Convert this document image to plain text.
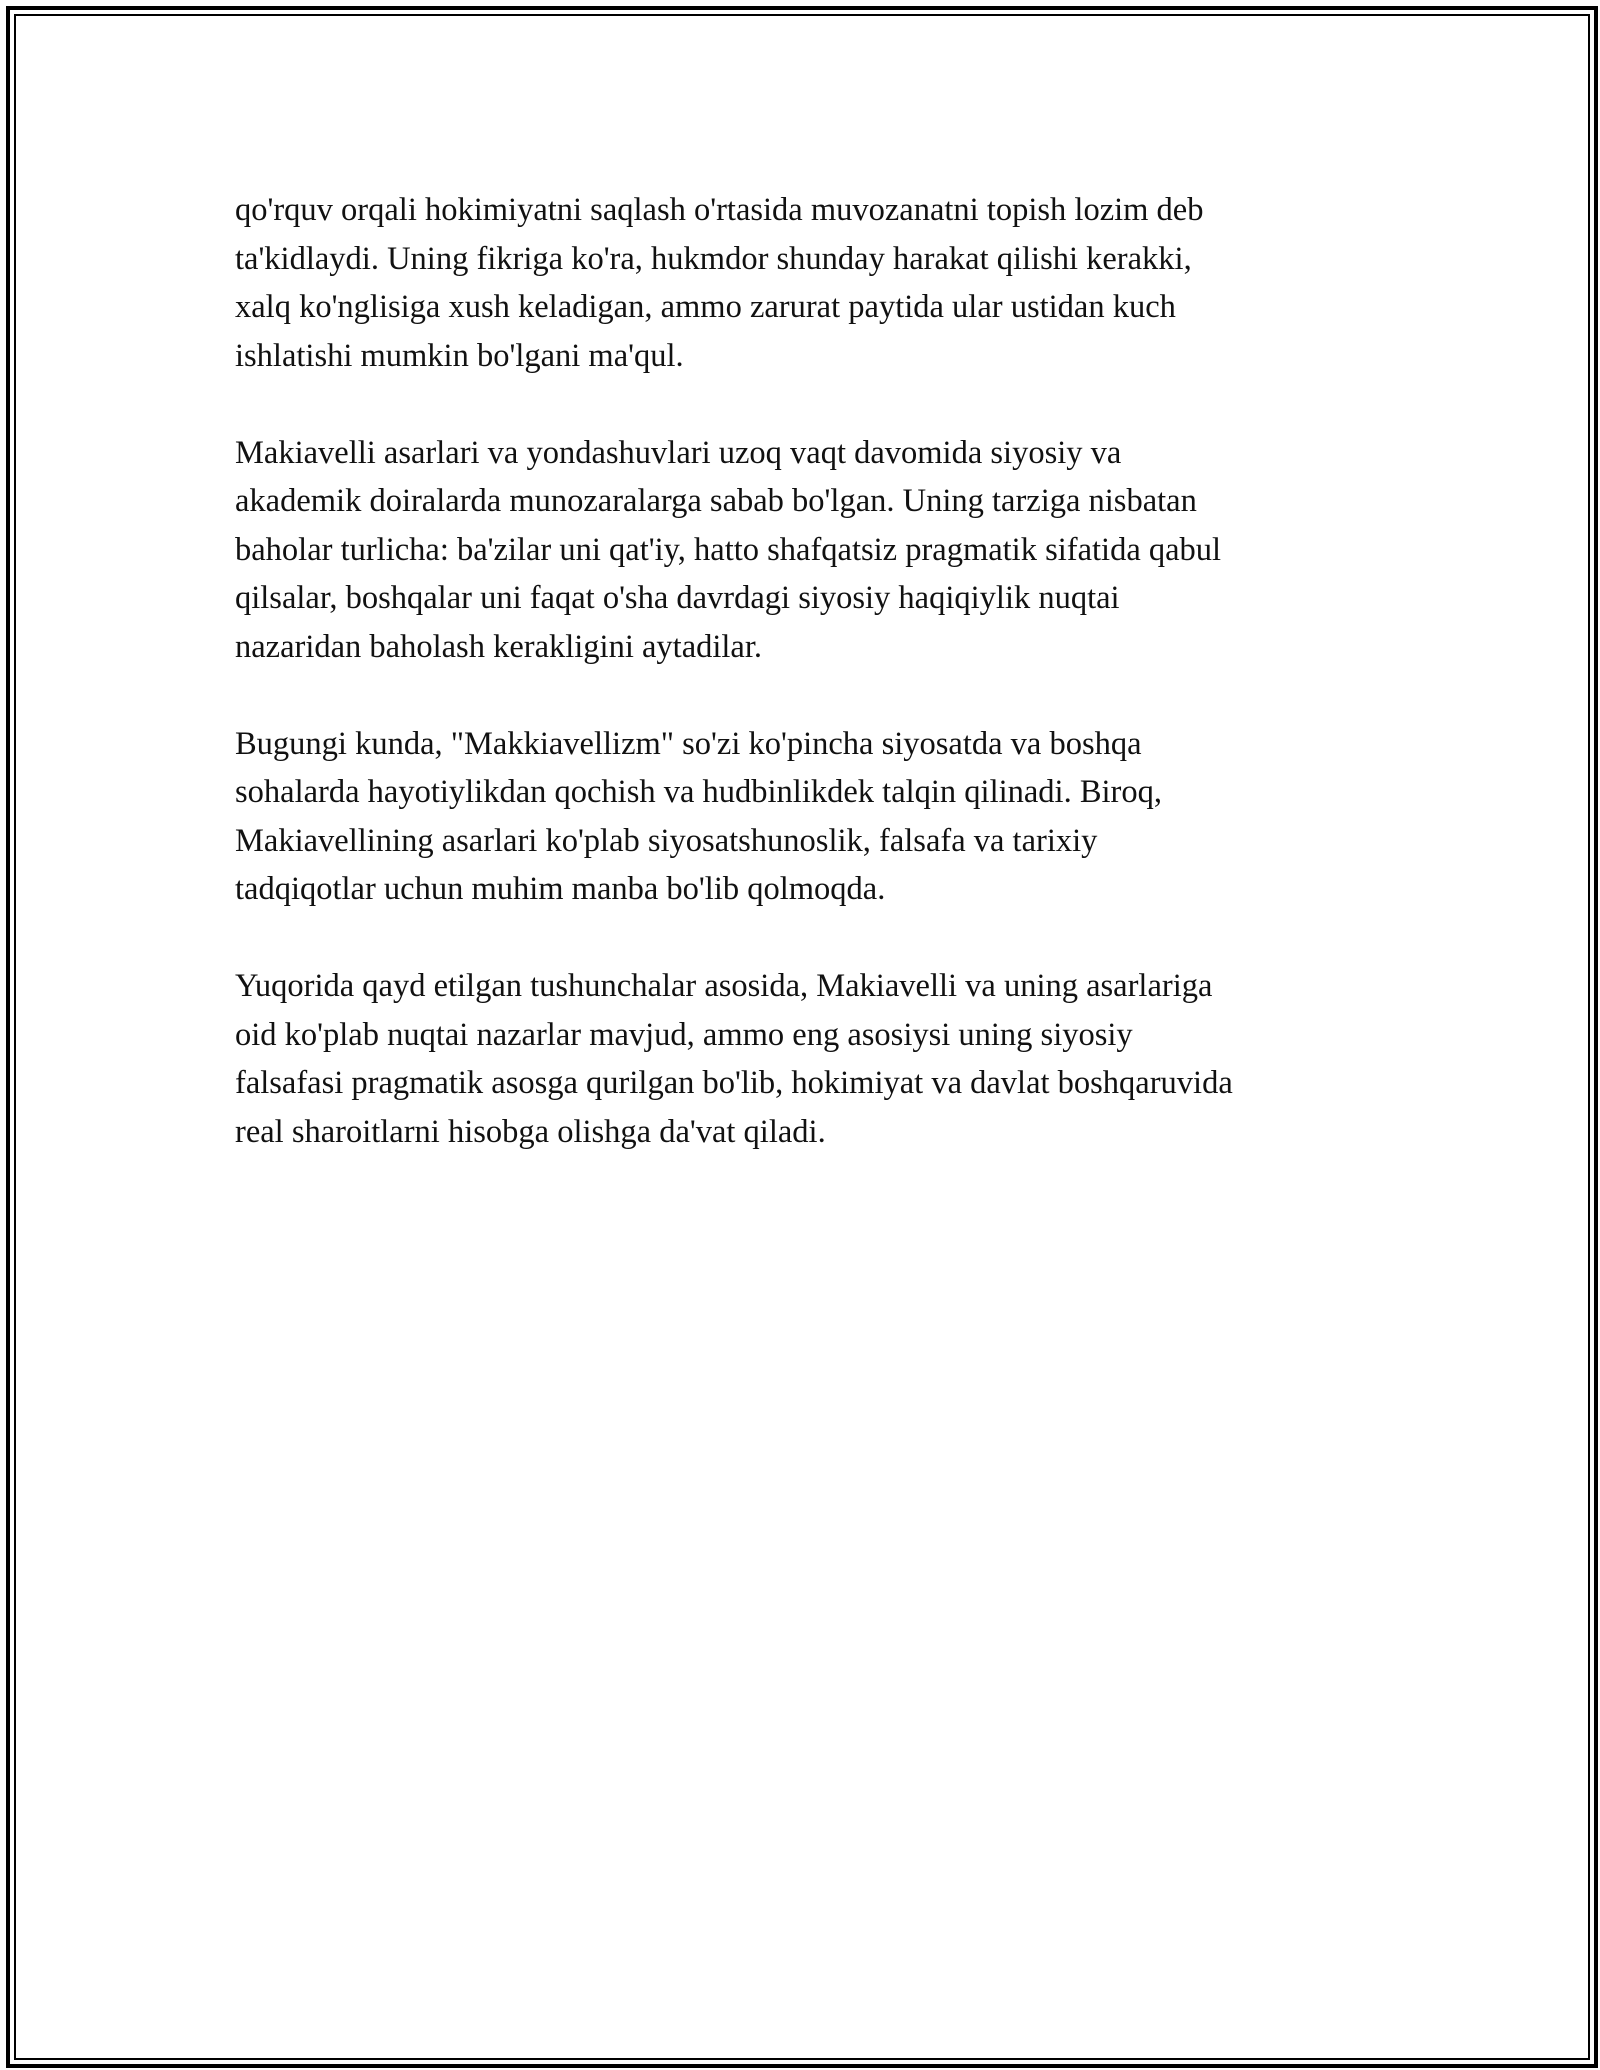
qo'rquv orqali hokimiyatni saqlash o'rtasida muvozanatni topish lozim deb
ta'kidlaydi. Uning fikriga ko'ra, hukmdor shunday harakat qilishi kerakki,
xalq ko'nglisiga xush keladigan, ammo zarurat paytida ular ustidan kuch
ishlatishi mumkin bo'lgani ma'qul.

Makiavelli asarlari va yondashuvlari uzoq vaqt davomida siyosiy va
akademik doiralarda munozaralarga sabab bo'lgan. Uning tarziga nisbatan
baholar turlicha: ba'zilar uni qat'iy, hatto shafqatsiz pragmatik sifatida qabul
qilsalar, boshqalar uni faqat o'sha davrdagi siyosiy haqiqiylik nuqtai
nazaridan baholash kerakligini aytadilar.

Bugungi kunda, "Makkiavellizm" so'zi ko'pincha siyosatda va boshqa
sohalarda hayotiylikdan qochish va hudbinlikdek talqin qilinadi. Biroq,
Makiavellining asarlari ko'plab siyosatshunoslik, falsafa va tarixiy
tadqiqotlar uchun muhim manba bo'lib qolmoqda.

Yuqorida qayd etilgan tushunchalar asosida, Makiavelli va uning asarlariga
oid ko'plab nuqtai nazarlar mavjud, ammo eng asosiysi uning siyosiy
falsafasi pragmatik asosga qurilgan bo'lib, hokimiyat va davlat boshqaruvida
real sharoitlarni hisobga olishga da'vat qiladi.
